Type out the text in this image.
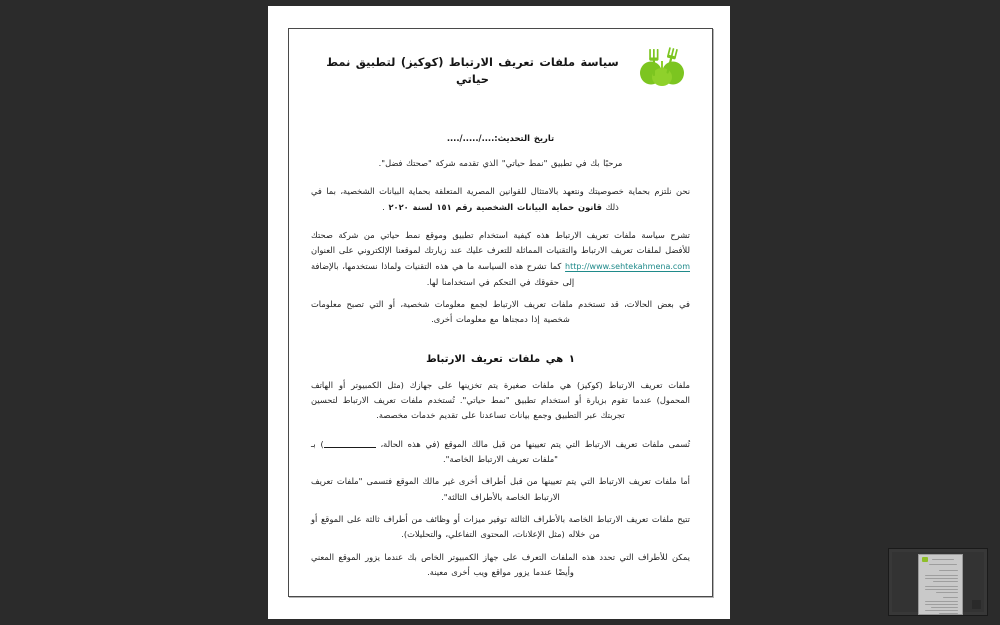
سياسة ملفات تعريف الارتباط (كوكيز) لتطبيق نمط حياتي
تاريخ التحديث:..../...../....

مرحبًا بك في تطبيق "نمط حياتي" الذي تقدمه شركة "صحتك فضل".

نحن نلتزم بحماية خصوصيتك ونتعهد بالامتثال للقوانين المصرية المتعلقة بحماية البيانات الشخصية، بما في ذلك قانون حماية البيانات الشخصية رقم ١٥١ لسنة ٢٠٢٠ .

تشرح سياسة ملفات تعريف الارتباط هذه كيفية استخدام تطبيق وموقع نمط حياتي من شركة صحتك للأفضل لملفات تعريف الارتباط والتقنيات المماثلة للتعرف عليك عند زيارتك لموقعنا الإلكتروني على العنوان http://www.sehtekahmena.com كما تشرح هذه السياسة ما هي هذه التقنيات ولماذا نستخدمها، بالإضافة إلى حقوقك في التحكم في استخدامنا لها.

في بعض الحالات، قد تستخدم ملفات تعريف الارتباط لجمع معلومات شخصية، أو التي تصبح معلومات شخصية إذا دمجناها مع معلومات أخرى.

١ هي ملفات تعريف الارتباط

ملفات تعريف الارتباط (كوكيز) هي ملفات صغيرة يتم تخزينها على جهازك (مثل الكمبيوتر أو الهاتف المحمول) عندما تقوم بزيارة أو استخدام تطبيق "نمط حياتي". تُستخدم ملفات تعريف الارتباط لتحسين تجربتك عبر التطبيق وجمع بيانات تساعدنا على تقديم خدمات مخصصة.

تُسمى ملفات تعريف الارتباط التي يتم تعيينها من قبل مالك الموقع (في هذه الحالة، ) بـ "ملفات تعريف الارتباط الخاصة".

أما ملفات تعريف الارتباط التي يتم تعيينها من قبل أطراف أخرى غير مالك الموقع فتسمى "ملفات تعريف الارتباط الخاصة بالأطراف الثالثة".

تتيح ملفات تعريف الارتباط الخاصة بالأطراف الثالثة توفير ميزات أو وظائف من أطراف ثالثة على الموقع أو من خلاله (مثل الإعلانات، المحتوى التفاعلي، والتحليلات).

يمكن للأطراف التي تحدد هذه الملفات التعرف على جهاز الكمبيوتر الخاص بك عندما يزور الموقع المعني وأيضًا عندما يزور مواقع ويب أخرى معينة.
